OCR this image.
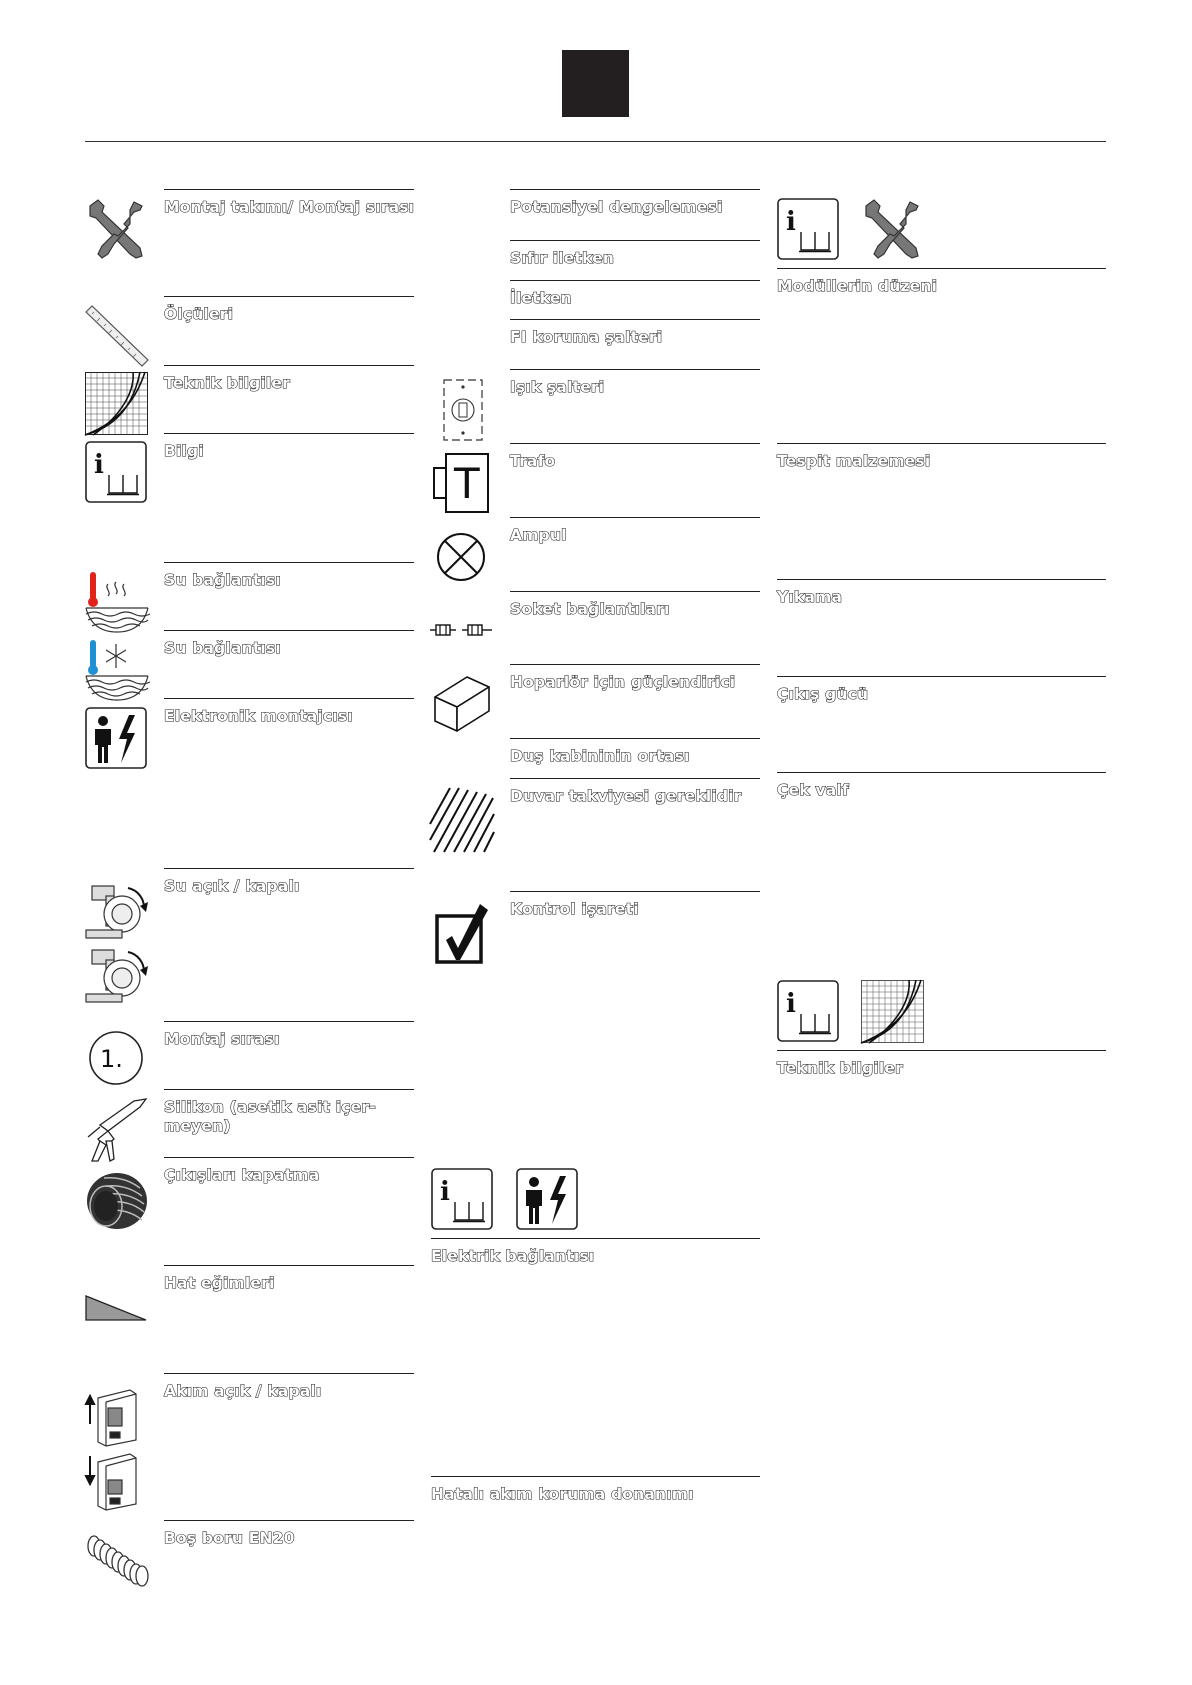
Montaj takımı/ Montaj sırası
Ölçüleri
Teknik bilgiler
Bilgi
Su bağlantısı
Su bağlantısı
Elektronik montajcısı
Su açık / kapalı
Montaj sırası
Silikon (asetik asit içer-
meyen)
Çıkışları kapatma
Hat eğimleri
Akım açık / kapalı
Boş boru EN20
i
1.
Potansiyel dengelemesi
Sıfır iletken
İletken
FI koruma şalteri
Işık şalteri
Trafo
Ampul
Soket bağlantıları
Hoparlör için güçlendirici
Duş kabininin ortası
Duvar takviyesi gereklidir
Kontrol işareti
Elektrik bağlantısı
Hatalı akım koruma donanımı
T
i
i
Modüllerin düzeni
Tespit malzemesi
Yıkama
Çıkış gücü
Çek valf
Teknik bilgiler
i
